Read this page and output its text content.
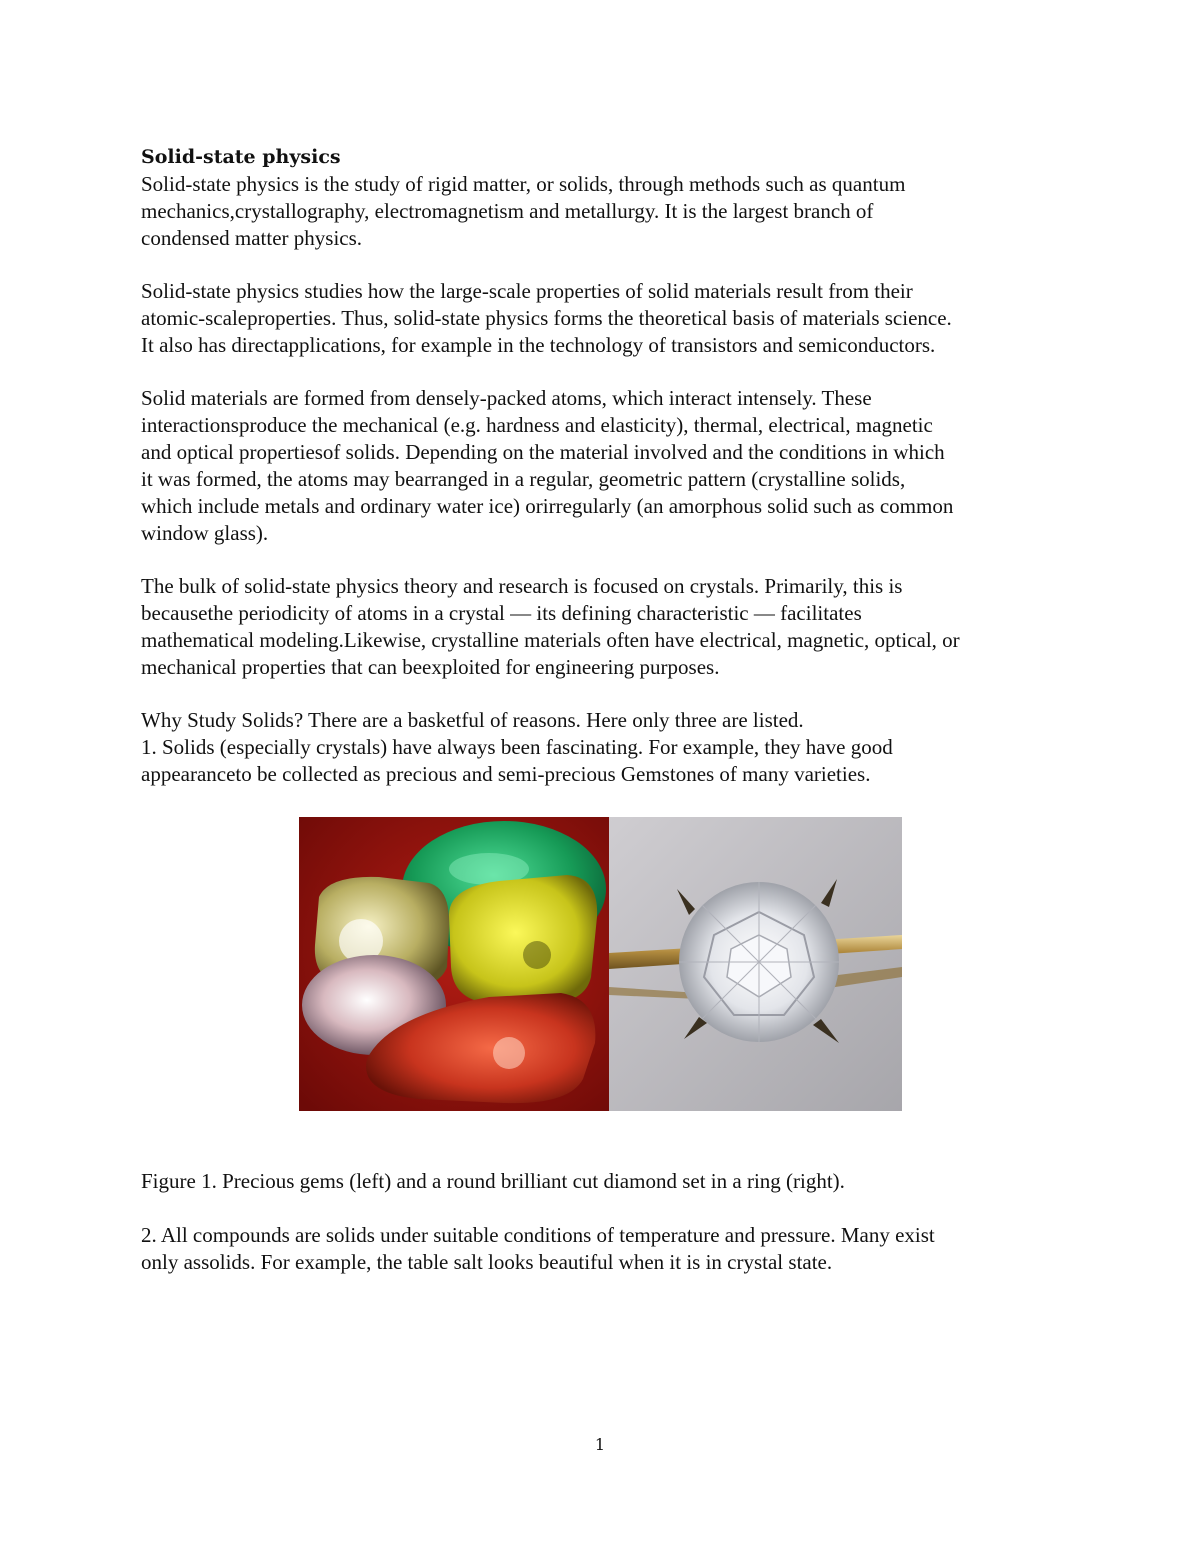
Solid-state physics
Solid-state physics is the study of rigid matter, or solids, through methods such as quantum
mechanics,crystallography, electromagnetism and metallurgy. It is the largest branch of
condensed matter physics.

Solid-state physics studies how the large-scale properties of solid materials result from their
atomic-scaleproperties. Thus, solid-state physics forms the theoretical basis of materials science.
It also has directapplications, for example in the technology of transistors and semiconductors.

Solid materials are formed from densely-packed atoms, which interact intensely. These
interactionsproduce the mechanical (e.g. hardness and elasticity), thermal, electrical, magnetic
and optical propertiesof solids. Depending on the material involved and the conditions in which
it was formed, the atoms may bearranged in a regular, geometric pattern (crystalline solids,
which include metals and ordinary water ice) orirregularly (an amorphous solid such as common
window glass).

The bulk of solid-state physics theory and research is focused on crystals. Primarily, this is
becausethe periodicity of atoms in a crystal — its defining characteristic — facilitates
mathematical modeling.Likewise, crystalline materials often have electrical, magnetic, optical, or
mechanical properties that can beexploited for engineering purposes.

Why Study Solids? There are a basketful of reasons. Here only three are listed.
1. Solids (especially crystals) have always been fascinating. For example, they have good
appearanceto be collected as precious and semi-precious Gemstones of many varieties.

Figure 1. Precious gems (left) and a round brilliant cut diamond set in a ring (right).
2. All compounds are solids under suitable conditions of temperature and pressure. Many exist
only assolids. For example, the table salt looks beautiful when it is in crystal state.
1
